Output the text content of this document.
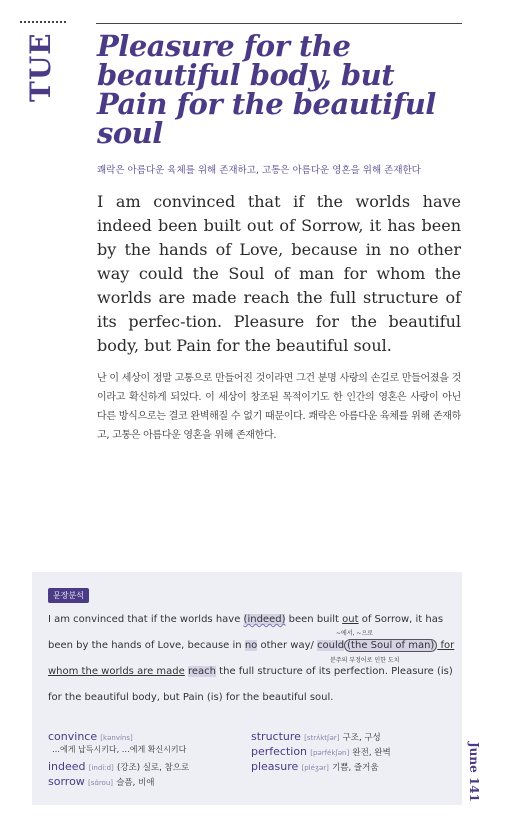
TUE Pleasure for the beautiful body, but Pain for the beautiful soul
쾌락은 아름다운 육체를 위해 존재하고, 고통은 아름다운 영혼을 위해 존재한다

I am convinced that if the worlds have indeed been built out of Sorrow, it has been by the hands of Love, because in no other way could the Soul of man for whom the worlds are made reach the full structure of its perfec-tion. Pleasure for the beautiful body, but Pain for the beautiful soul.

난 이 세상이 정말 고통으로 만들어진 것이라면 그건 분명 사랑의 손길로 만들어졌을 것이라고 확신하게 되었다. 이 세상이 창조된 목적이기도 한 인간의 영혼은 사랑이 아닌 다른 방식으로는 결코 완벽해질 수 없기 때문이다. 쾌락은 아름다운 육체를 위해 존재하고, 고통은 아름다운 영혼을 위해 존재한다.

문장분석
I am convinced that if the worlds have (indeed) been built out of Sorrow, it has
~에서, ~으로
been by the hands of Love, because in no other way/ could (the Soul of man) for
분주의 부정어로 인한 도치
whom the worlds are made reach the full structure of its perfection. Pleasure (is)
for the beautiful body, but Pain (is) for the beautiful soul.
convince [kənvíns]
…에게 납득시키다, …에게 확신시키다
indeed [indíːd] (강조) 실로, 참으로
sorrow [sɑ́rou] 슬픔, 비애
structure [strʌ́ktʃər] 구조, 구성
perfection [pərfékʃən] 완전, 완벽
pleasure [pléʒər] 기쁨, 즐거움	June 141
